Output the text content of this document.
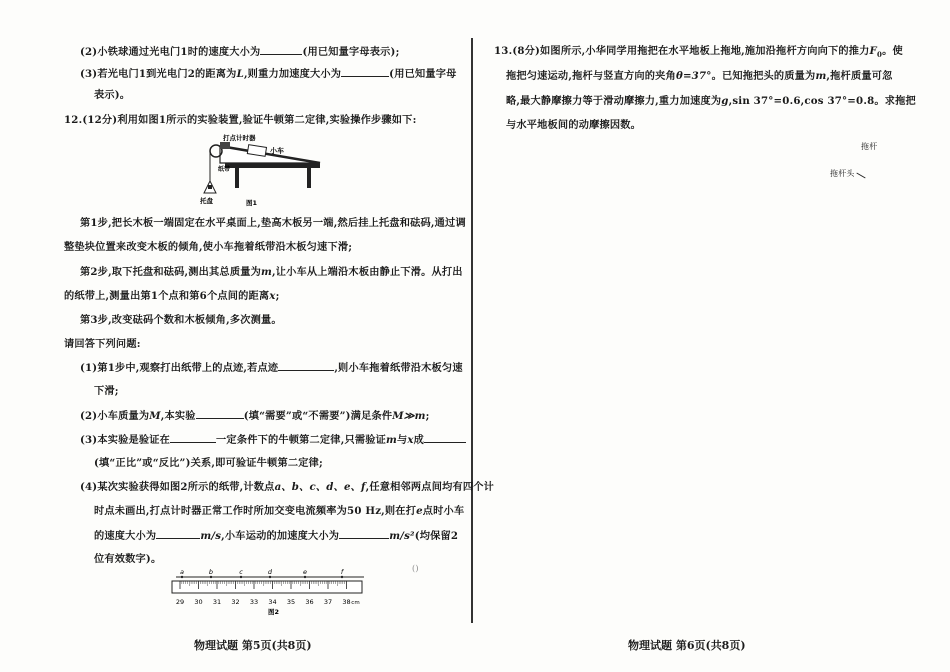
(2)小铁球通过光电门1时的速度大小为	(用已知量字母表示);
(3)若光电门1到光电门2的距离为L,则重力加速度大小为	(用已知量字母
表示)。
12.(12分)利用如图1所示的实验装置,验证牛顿第二定律,实验操作步骤如下:
打点计时器
小车
纸带
托盘	图1
第1步,把长木板一端固定在水平桌面上,垫高木板另一端,然后挂上托盘和砝码,通过调
整垫块位置来改变木板的倾角,使小车拖着纸带沿木板匀速下滑;
第2步,取下托盘和砝码,测出其总质量为m,让小车从上端沿木板由静止下滑。从打出
的纸带上,测量出第1个点和第6个点间的距离x;
第3步,改变砝码个数和木板倾角,多次测量。
请回答下列问题:
(1)第1步中,观察打出纸带上的点迹,若点迹	,则小车拖着纸带沿木板匀速
下滑;
(2)小车质量为M,本实验	(填“需要”或“不需要”)满足条件M≫m;
(3)本实验是验证在	一定条件下的牛顿第二定律,只需验证m与x成
(填“正比”或“反比”)关系,即可验证牛顿第二定律;
(4)某次实验获得如图2所示的纸带,计数点a、b、c、d、e、f,任意相邻两点间均有四个计
时点未画出,打点计时器正常工作时所加交变电流频率为50 Hz,则在打e点时小车
的速度大小为	m/s,小车运动的加速度大小为	m/s²(均保留2
位有效数字)。
()
29 30 31 32 33 34 35 36 37 38 cm
a	b	c	d	e	f
图2
物理试题 第5页(共8页)
13.(8分)如图所示,小华同学用拖把在水平地板上拖地,施加沿拖杆方向向下的推力$F_0$。使
拖把匀速运动,拖杆与竖直方向的夹角θ=37°。已知拖把头的质量为m,拖杆质量可忽
略,最大静摩擦力等于滑动摩擦力,重力加速度为g,sin 37°=0.6,cos 37°=0.8。求拖把
与水平地板间的动摩擦因数。
拖杆
拖杆头
物理试题 第6页(共8页)
